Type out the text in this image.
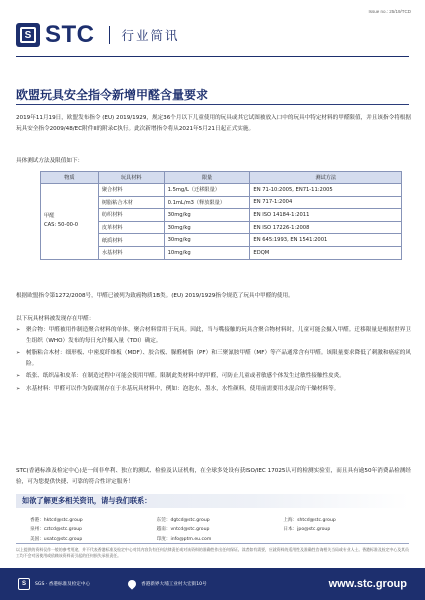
Issue no.: 25/19/TCD
S STC 行业简讯
欧盟玩具安全指令新增甲醛含量要求

2019年11月19日，欧盟发布指令 (EU) 2019/1929，规定36个月以下儿童使用的玩具或其它试图被放入口中的玩具中特定材料的甲醛限值，并且该指令将根据玩具安全指令2009/48/EC附件II的附录C执行。此次新增指令将从2021年5月21日起正式实施。

具体测试方法及限值如下：

物质	玩具材料	限量	测试方法

甲醛
CAS: 50-00-0	聚合材料	1.5mg/L（迁移限量）	EN 71-10:2005, EN71-11:2005
	树脂粘合木材	0.1mL/m3（释放限量）	EN 717-1:2004
	纺织材料	30mg/kg	EN ISO 14184-1:2011
	皮革材料	30mg/kg	EN ISO 17226-1:2008
	纸质材料	30mg/kg	EN 645:1993, EN 1541:2001
	水基材料	10mg/kg	EDQM

根据欧盟指令第1272/2008号，甲醛已被列为致癌物质1B类。(EU) 2019/1929指令规范了玩具中甲醛的使用。

以下玩具材料被发现存在甲醛：

➢	聚合物：甲醛被用作制造聚合材料的单体。聚合材料常用于玩具。因此，当与嘴接触的玩具含聚合物材料时，儿童可能会摄入甲醛。迁移限量是根据世界卫生组织（WHO）发布的每日允许摄入量（TDI）确定。
➢	树脂粘合木材：细形板、中密度纤维板（MDF）、胶合板、脲醛树脂（PF）和三聚氰胺甲醛（MF）等产品通常含有甲醛。该限量要求降低了刺激和癌症的风险。
➢	纸张、纸织品和皮革：在制造过程中可能会使用甲醛。限制此类材料中的甲醛，可防止儿童或者敏感个体发生过敏性接触性皮炎。
➢	水基材料：甲醛可以作为防腐剂存在于水基玩具材料中，例如：泡泡水，墨水，水性颜料，使用前需要用水混合的干燥材料等。

STC(香港标准及检定中心)是一间非牟利、独立的测试、检验及认证机构，在全球多处设有获ISO/IEC 17025认可的检测实验室，而且具有逾50年消费品检测经验，可为您提供快捷、可靠的符合性评定服务！

如欲了解更多相关资讯，请与我们联系：
香港：hktcd@stc.group	东莞：dgtcd@stc.group	上海：shtcd@stc.group
泉州：cztcd@stc.group	越南：vntcd@stc.group	日本：jpo@stc.group
美国：usatc@stc.group	印度：info@ptm.eu.com

以上提供的资料仅作一般的参考用途，并不代表香港标准及检定中心对其内容负有任何法律责任或对该资料的准确性作出任何保证。读者如有需要，应就资料的适用性及准确性咨询相关当局或专业人士。香港标准及检定中心及其员工均不会对因使用或依赖该资料而引起的任何损失承担责任。

S	SGS · 香港标准及检定中心	香港新界大埔工业村大宏街10号	www.stc.group
